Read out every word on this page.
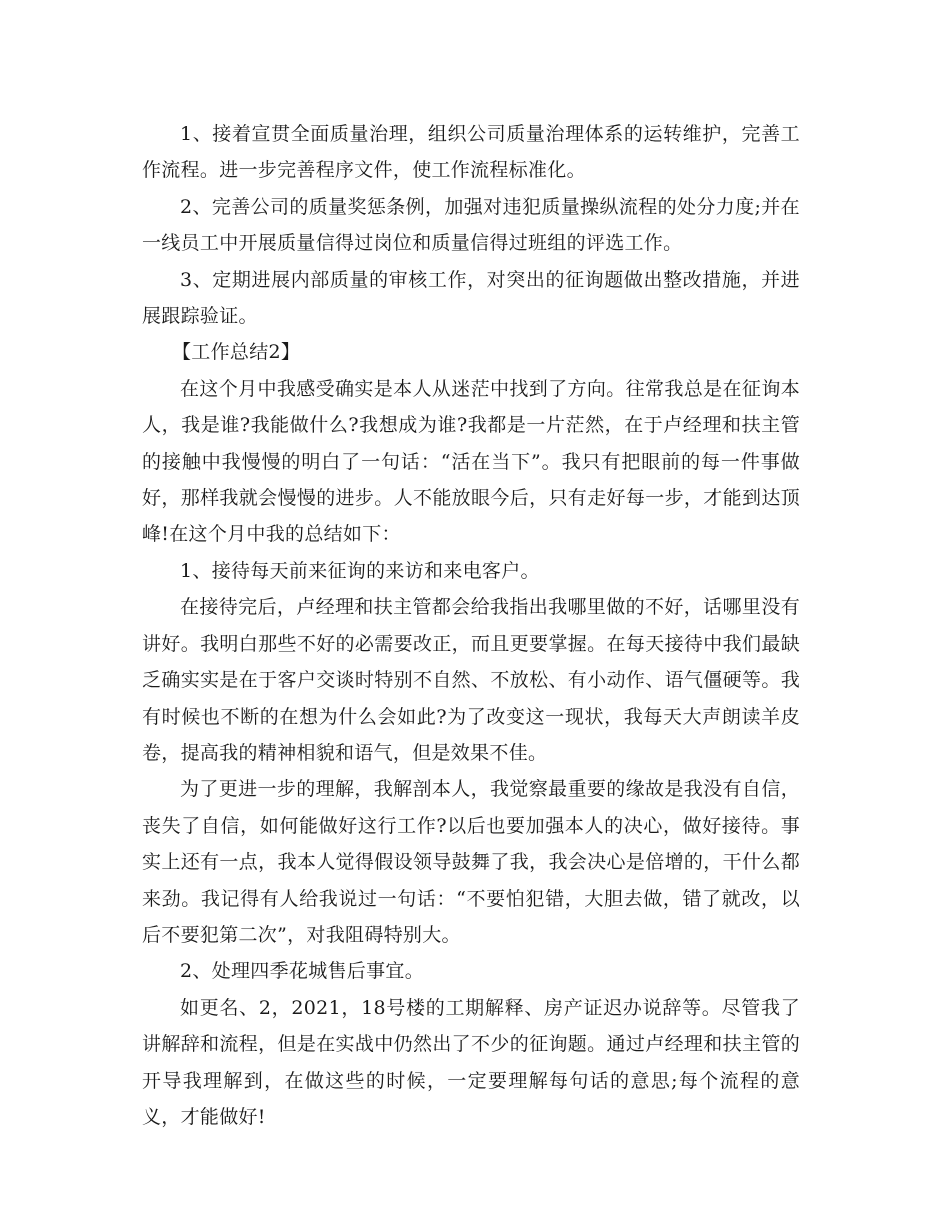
1、接着宣贯全面质量治理，组织公司质量治理体系的运转维护，完善工作流程。进一步完善程序文件，使工作流程标准化。

2、完善公司的质量奖惩条例，加强对违犯质量操纵流程的处分力度;并在一线员工中开展质量信得过岗位和质量信得过班组的评选工作。

3、定期进展内部质量的审核工作，对突出的征询题做出整改措施，并进展跟踪验证。

【工作总结2】

在这个月中我感受确实是本人从迷茫中找到了方向。往常我总是在征询本人，我是谁?我能做什么?我想成为谁?我都是一片茫然，在于卢经理和扶主管的接触中我慢慢的明白了一句话：“活在当下”。我只有把眼前的每一件事做好，那样我就会慢慢的进步。人不能放眼今后，只有走好每一步，才能到达顶峰!在这个月中我的总结如下：

1、接待每天前来征询的来访和来电客户。

在接待完后，卢经理和扶主管都会给我指出我哪里做的不好，话哪里没有讲好。我明白那些不好的必需要改正，而且更要掌握。在每天接待中我们最缺乏确实实是在于客户交谈时特别不自然、不放松、有小动作、语气僵硬等。我有时候也不断的在想为什么会如此?为了改变这一现状，我每天大声朗读羊皮卷，提高我的精神相貌和语气，但是效果不佳。

为了更进一步的理解，我解剖本人，我觉察最重要的缘故是我没有自信，丧失了自信，如何能做好这行工作?以后也要加强本人的决心，做好接待。事实上还有一点，我本人觉得假设领导鼓舞了我，我会决心是倍增的，干什么都来劲。我记得有人给我说过一句话：“不要怕犯错，大胆去做，错了就改，以后不要犯第二次”，对我阻碍特别大。

2、处理四季花城售后事宜。

如更名、2，2021，18号楼的工期解释、房产证迟办说辞等。尽管我了讲解辞和流程，但是在实战中仍然出了不少的征询题。通过卢经理和扶主管的开导我理解到，在做这些的时候，一定要理解每句话的意思;每个流程的意义，才能做好!
